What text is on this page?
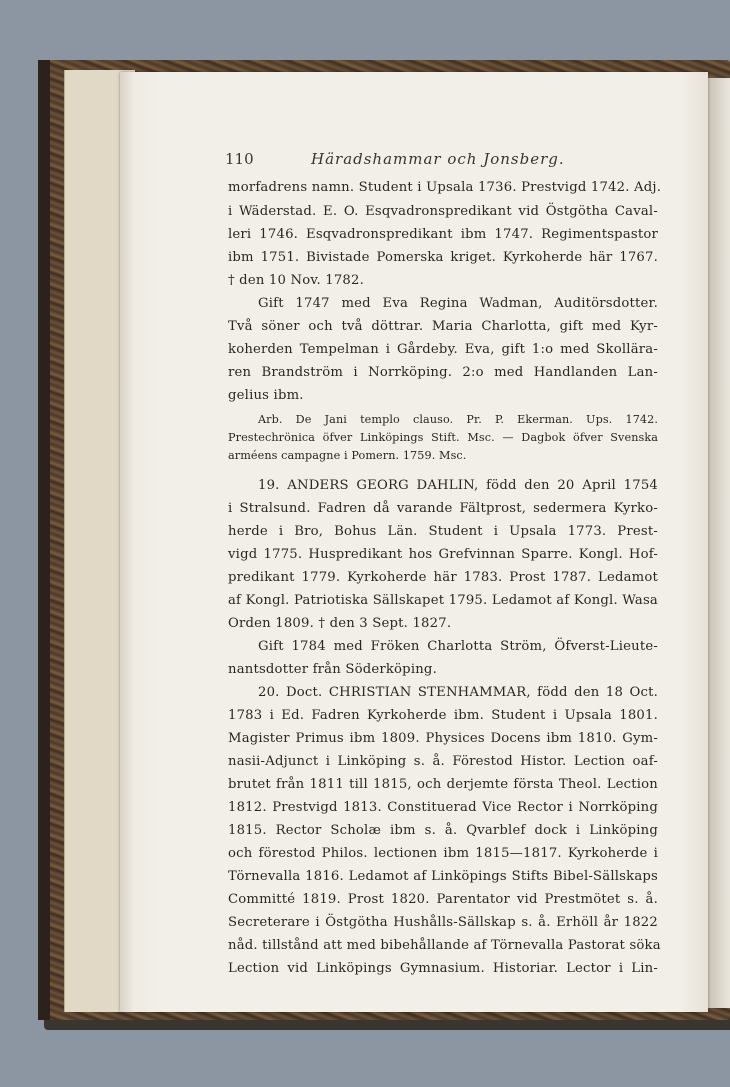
110	Häradshammar och Jonsberg.
morfadrens namn. Student i Upsala 1736. Prestvigd 1742. Adj.
i Wäderstad. E. O. Esqvadronspredikant vid Östgötha Caval-
leri 1746. Esqvadronspredikant ibm 1747. Regimentspastor
ibm 1751. Bivistade Pomerska kriget. Kyrkoherde här 1767.
† den 10 Nov. 1782.
Gift 1747 med Eva Regina Wadman, Auditörsdotter.
Två söner och två döttrar. Maria Charlotta, gift med Kyr-
koherden Tempelman i Gårdeby. Eva, gift 1:o med Skollära-
ren Brandström i Norrköping. 2:o med Handlanden Lan-
gelius ibm.
Arb. De Jani templo clauso. Pr. P. Ekerman. Ups. 1742.
Prestechrönica öfver Linköpings Stift. Msc. — Dagbok öfver Svenska
arméens campagne i Pomern. 1759. Msc.
19. ANDERS GEORG DAHLIN, född den 20 April 1754
i Stralsund. Fadren då varande Fältprost, sedermera Kyrko-
herde i Bro, Bohus Län. Student i Upsala 1773. Prest-
vigd 1775. Huspredikant hos Grefvinnan Sparre. Kongl. Hof-
predikant 1779. Kyrkoherde här 1783. Prost 1787. Ledamot
af Kongl. Patriotiska Sällskapet 1795. Ledamot af Kongl. Wasa
Orden 1809. † den 3 Sept. 1827.
Gift 1784 med Fröken Charlotta Ström, Öfverst-Lieute-
nantsdotter från Söderköping.
20. Doct. CHRISTIAN STENHAMMAR, född den 18 Oct.
1783 i Ed. Fadren Kyrkoherde ibm. Student i Upsala 1801.
Magister Primus ibm 1809. Physices Docens ibm 1810. Gym-
nasii-Adjunct i Linköping s. å. Förestod Histor. Lection oaf-
brutet från 1811 till 1815, och derjemte första Theol. Lection
1812. Prestvigd 1813. Constituerad Vice Rector i Norrköping
1815. Rector Scholæ ibm s. å. Qvarblef dock i Linköping
och förestod Philos. lectionen ibm 1815—1817. Kyrkoherde i
Törnevalla 1816. Ledamot af Linköpings Stifts Bibel-Sällskaps
Committé 1819. Prost 1820. Parentator vid Prestmötet s. å.
Secreterare i Östgötha Hushålls-Sällskap s. å. Erhöll år 1822
nåd. tillstånd att med bibehållande af Törnevalla Pastorat söka
Lection vid Linköpings Gymnasium. Historiar. Lector i Lin-
